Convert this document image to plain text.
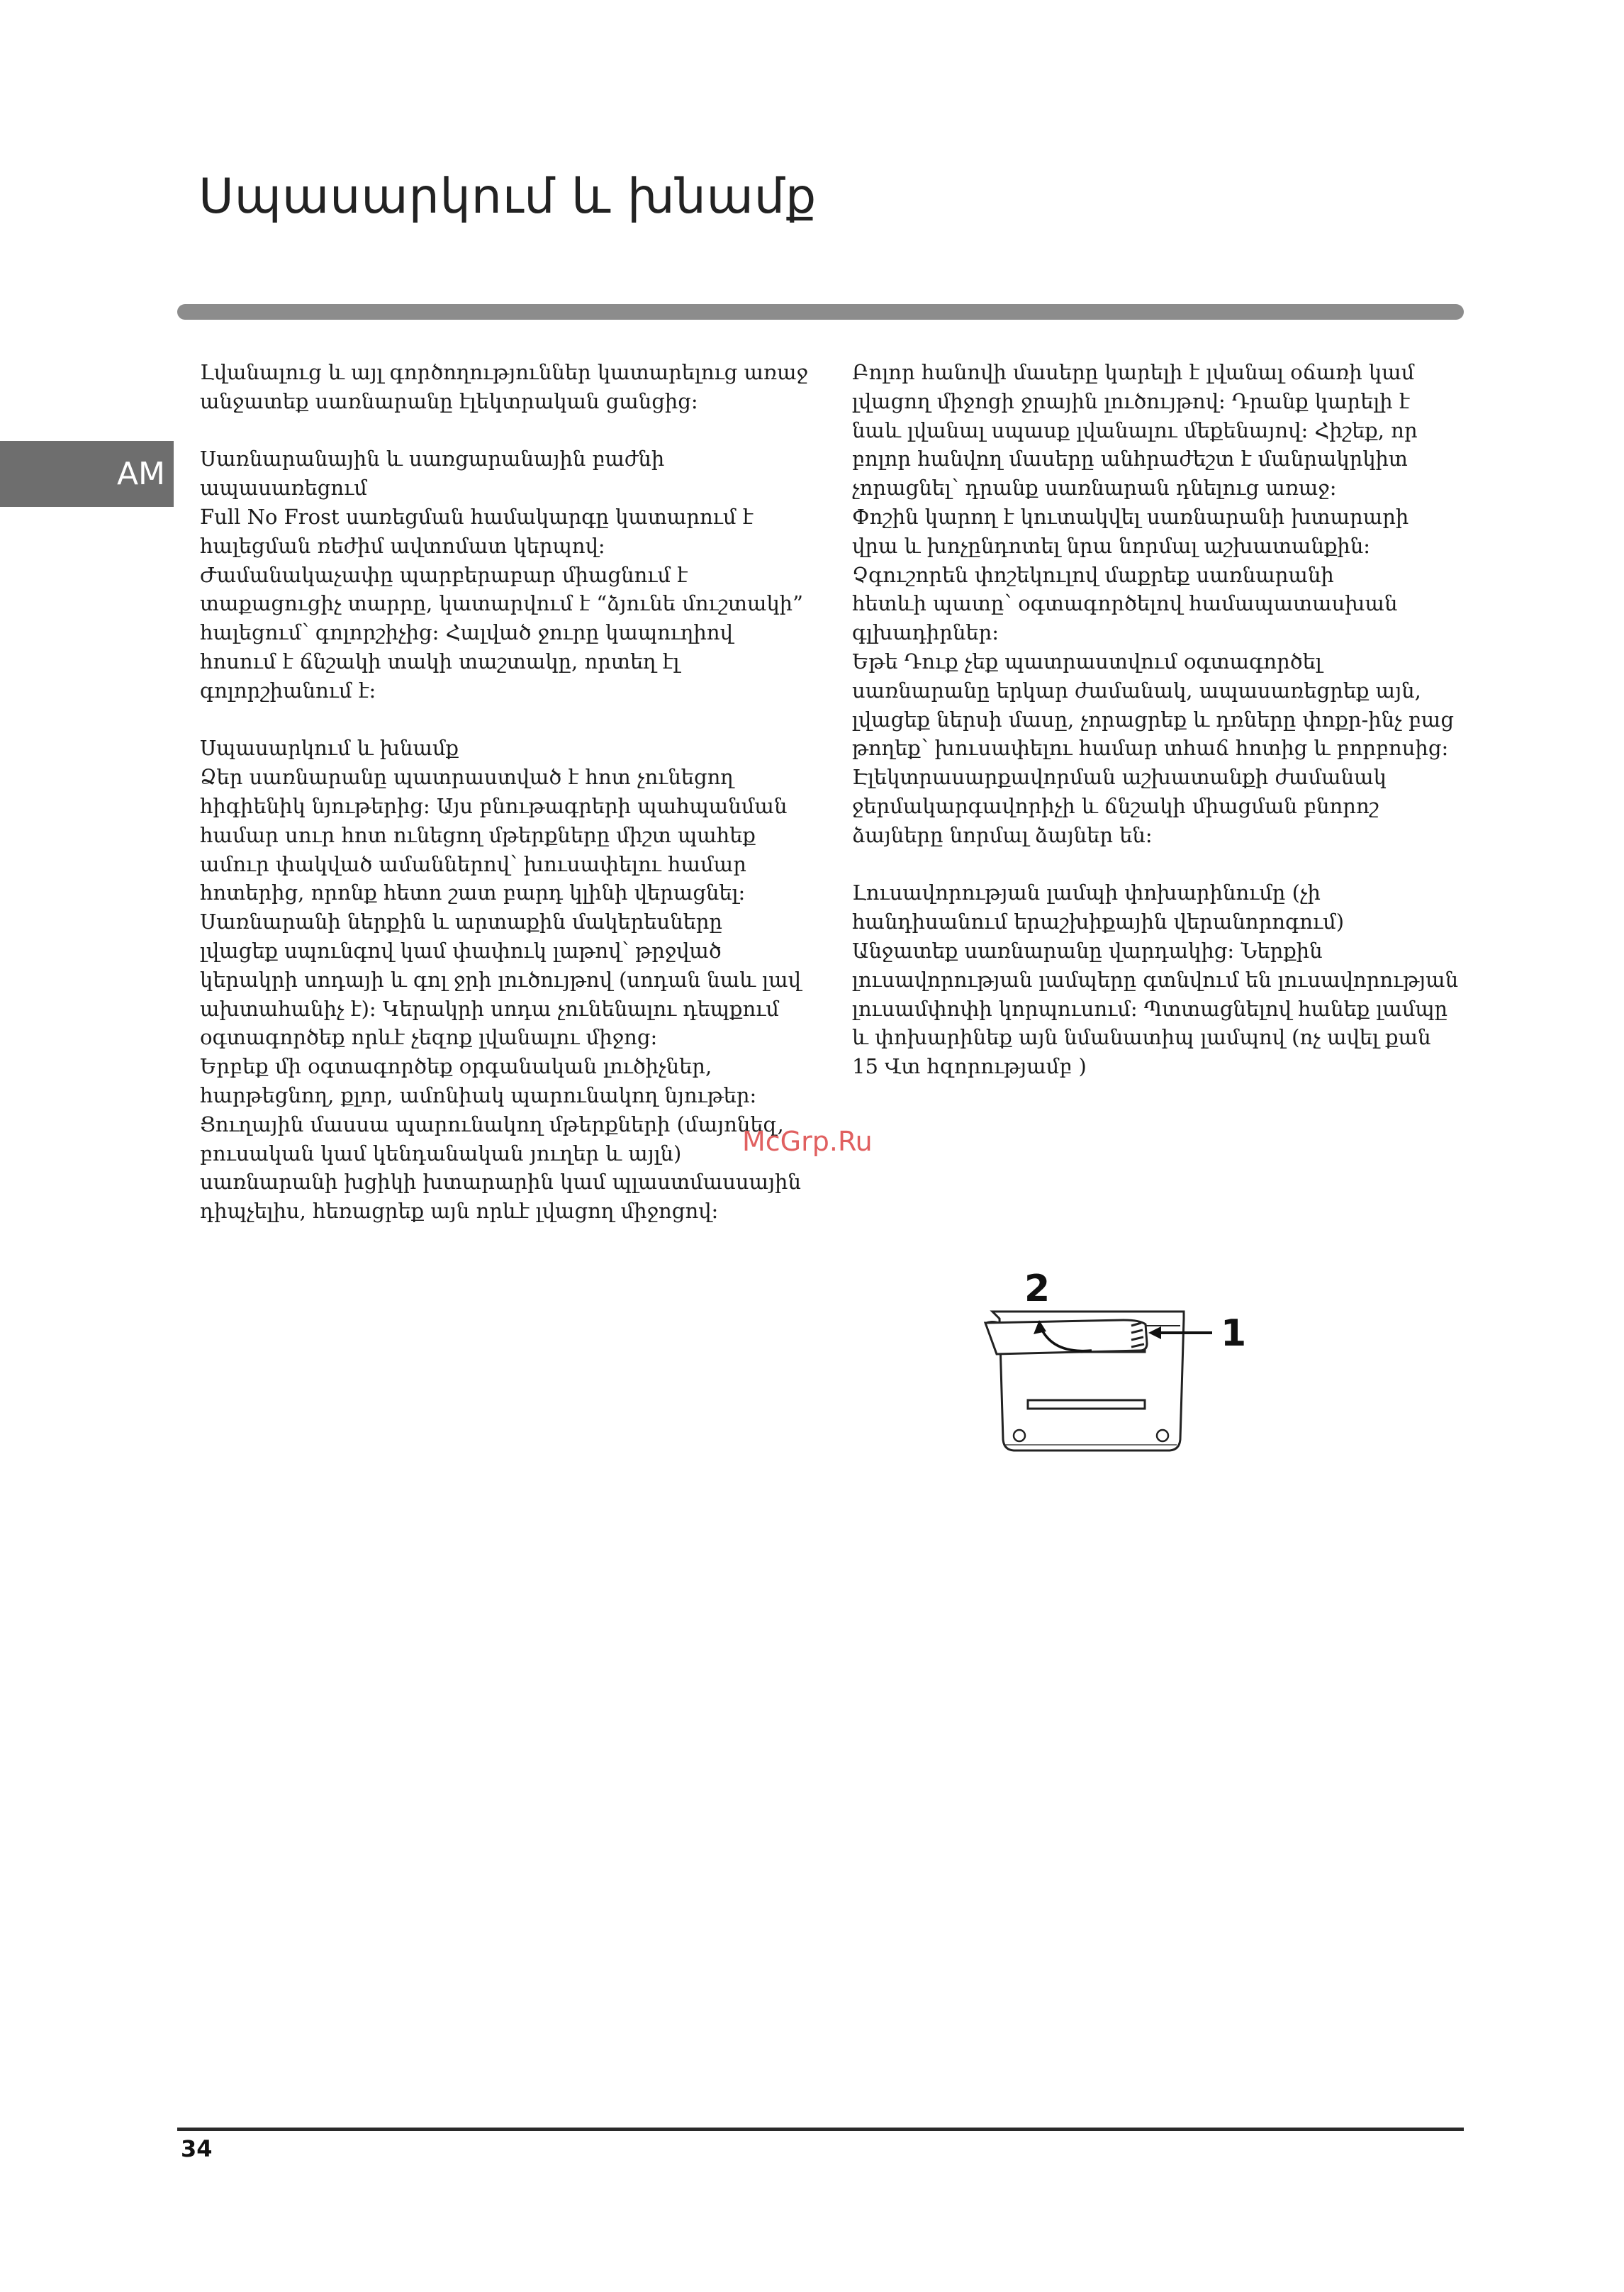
Սպասարկում և խնամք
AM

Լվանալուց և այլ գործողություններ կատարելուց առաջ
անջատեք սառնարանը էլեկտրական ցանցից:

Սառնարանային և սառցարանային բաժնի
ապասառեցում
Full No Frost սառեցման համակարգը կատարում է
հալեցման ռեժիմ ավտոմատ կերպով:
Ժամանակաչափը պարբերաբար միացնում է
տաքացուցիչ տարրը, կատարվում է “ձյունե մուշտակի”
հալեցում՝ գոլորշիչից: Հալված ջուրը կապուղիով
հոսում է ճնշակի տակի տաշտակը, որտեղ էլ
գոլորշիանում է:

Սպասարկում և խնամք
Ձեր սառնարանը պատրաստված է հոտ չունեցող
հիգիենիկ նյութերից: Այս բնութագրերի պահպանման
համար սուր հոտ ունեցող մթերքները միշտ պահեք
ամուր փակված ամաններով՝ խուսափելու համար
հոտերից, որոնք հետո շատ բարդ կլինի վերացնել:
Սառնարանի ներքին և արտաքին մակերեսները
լվացեք սպունգով կամ փափուկ լաթով՝ թրջված
կերակրի սոդայի և գոլ ջրի լուծույթով (սոդան նաև լավ
ախտահանիչ է): Կերակրի սոդա չունենալու դեպքում
օգտագործեք որևէ չեզոք լվանալու միջոց:
Երբեք մի օգտագործեք օրգանական լուծիչներ,
հարթեցնող, քլոր, ամոնիակ պարունակող նյութեր:
Ցուղային մասսա պարունակող մթերքների (մայոնեզ,
բուսական կամ կենդանական յուղեր և այլն)
սառնարանի խցիկի խտարարին կամ պլաստմասսային
դիպչելիս, հեռացրեք այն որևէ լվացող միջոցով:

Բոլոր հանովի մասերը կարելի է լվանալ օճառի կամ
լվացող միջոցի ջրային լուծույթով: Դրանք կարելի է
նաև լվանալ սպասք լվանալու մեքենայով: Հիշեք, որ
բոլոր հանվող մասերը անհրաժեշտ է մանրակրկիտ
չորացնել՝ դրանք սառնարան դնելուց առաջ:
Փոշին կարող է կուտակվել սառնարանի խտարարի
վրա և խոչընդոտել նրա նորմալ աշխատանքին:
Չգուշորեն փոշեկուլով մաքրեք սառնարանի
հետևի պատը՝ օգտագործելով համապատասխան
գլխադիրներ:
Եթե Դուք չեք պատրաստվում օգտագործել
սառնարանը երկար ժամանակ, ապասառեցրեք այն,
լվացեք ներսի մասը, չորացրեք և դռները փոքր-ինչ բաց
թողեք՝ խուսափելու համար տհաճ հոտից և բորբոսից:
Էլեկտրասարքավորման աշխատանքի ժամանակ
ջերմակարգավորիչի և ճնշակի միացման բնորոշ
ձայները նորմալ ձայներ են:

Լուսավորության լամպի փոխարինումը (չի
հանդիսանում երաշխիքային վերանորոգում)
Անջատեք սառնարանը վարդակից: Ներքին
լուսավորության լամպերը գտնվում են լուսավորության
լուսամփոփի կորպուսում: Պտտացնելով հանեք լամպը
և փոխարինեք այն նմանատիպ լամպով (ոչ ավել քան
15 Վտ հզորությամբ )

McGrp.Ru
1
2
34
